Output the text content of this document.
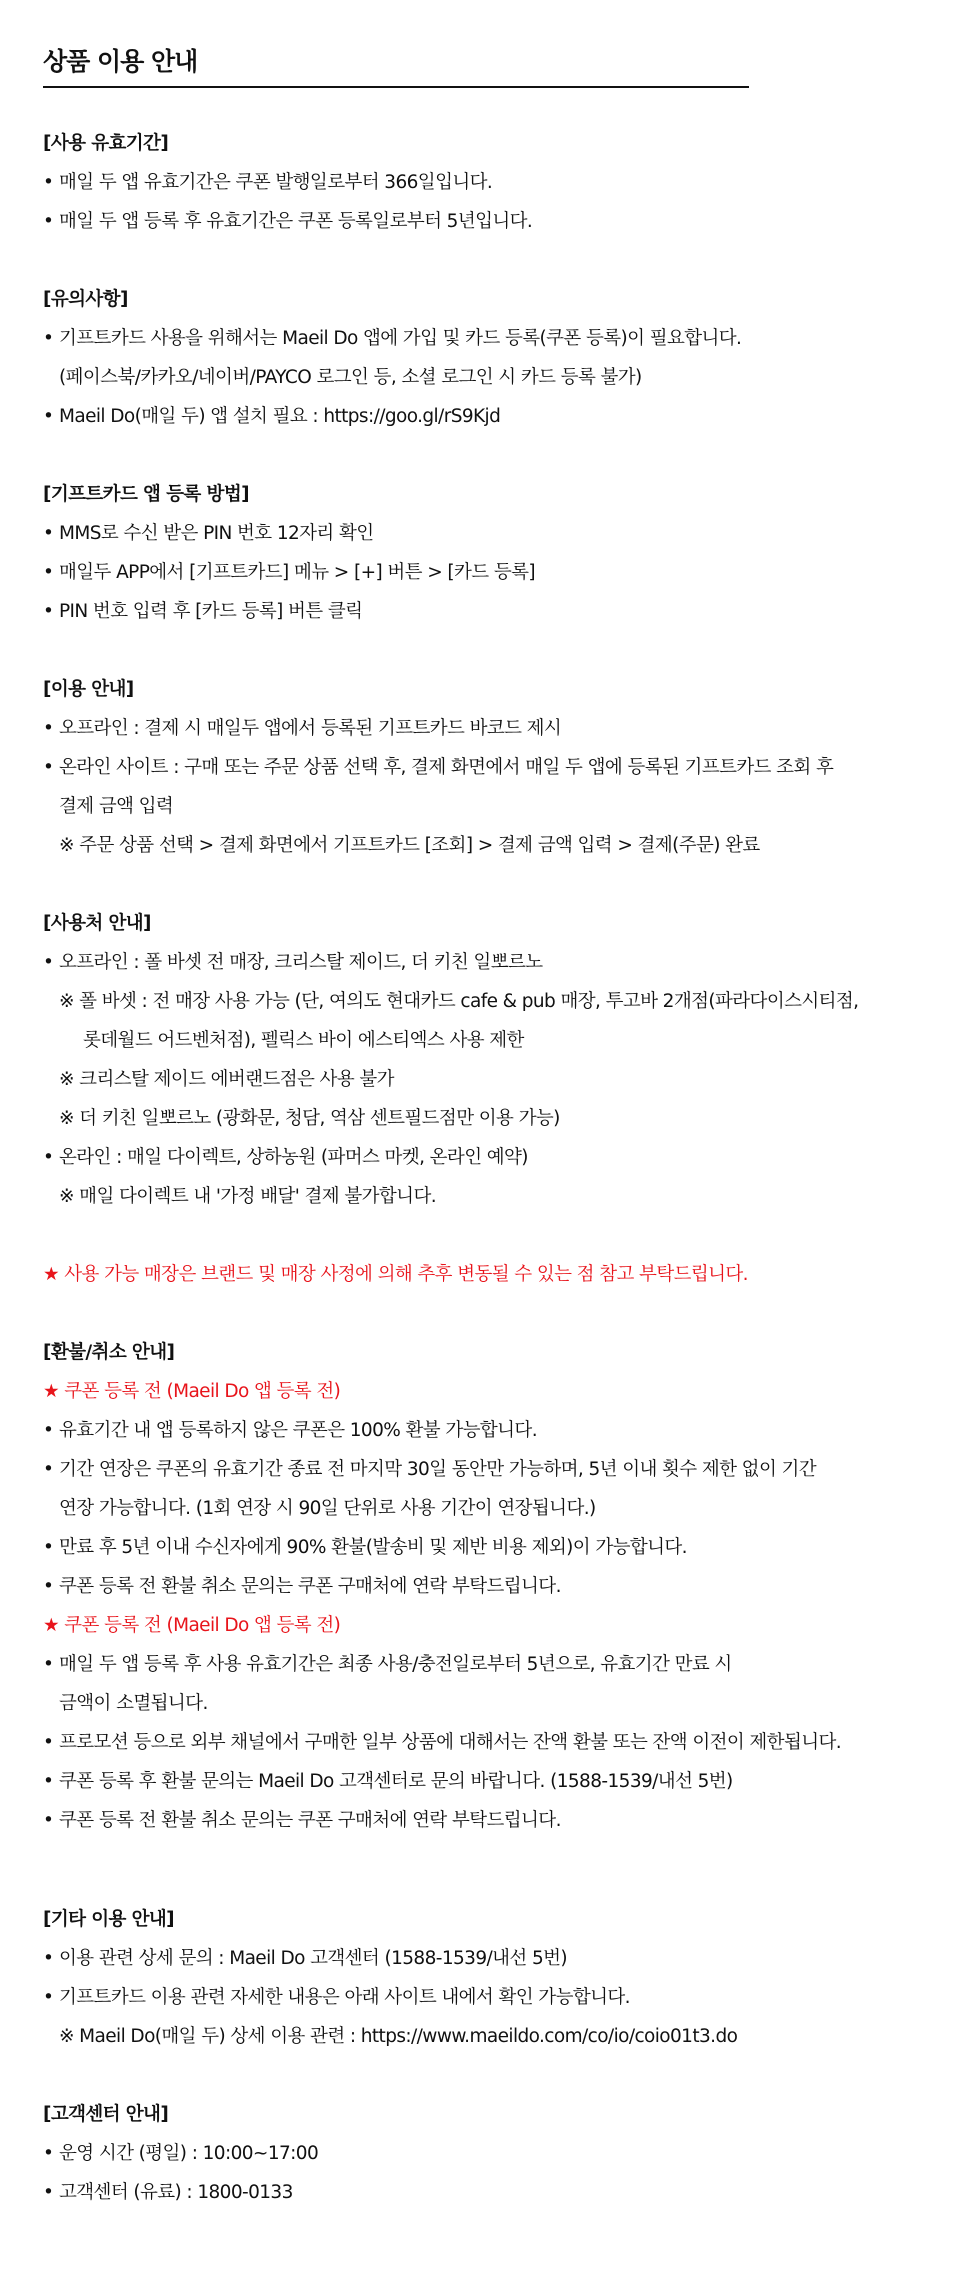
상품 이용 안내
[사용 유효기간]
• 매일 두 앱 유효기간은 쿠폰 발행일로부터 366일입니다.
• 매일 두 앱 등록 후 유효기간은 쿠폰 등록일로부터 5년입니다.
[유의사항]
• 기프트카드 사용을 위해서는 Maeil Do 앱에 가입 및 카드 등록(쿠폰 등록)이 필요합니다.
(페이스북/카카오/네이버/PAYCO 로그인 등, 소셜 로그인 시 카드 등록 불가)
• Maeil Do(매일 두) 앱 설치 필요 : https://goo.gl/rS9Kjd
[기프트카드 앱 등록 방법]
• MMS로 수신 받은 PIN 번호 12자리 확인
• 매일두 APP에서 [기프트카드] 메뉴 > [+] 버튼 > [카드 등록]
• PIN 번호 입력 후 [카드 등록] 버튼 클릭
[이용 안내]
• 오프라인 : 결제 시 매일두 앱에서 등록된 기프트카드 바코드 제시
• 온라인 사이트 : 구매 또는 주문 상품 선택 후, 결제 화면에서 매일 두 앱에 등록된 기프트카드 조회 후
결제 금액 입력
※ 주문 상품 선택 > 결제 화면에서 기프트카드 [조회] > 결제 금액 입력 > 결제(주문) 완료
[사용처 안내]
• 오프라인 : 폴 바셋 전 매장, 크리스탈 제이드, 더 키친 일뽀르노
※ 폴 바셋 : 전 매장 사용 가능 (단, 여의도 현대카드 cafe & pub 매장, 투고바 2개점(파라다이스시티점,
롯데월드 어드벤처점), 펠릭스 바이 에스티엑스 사용 제한
※ 크리스탈 제이드 에버랜드점은 사용 불가
※ 더 키친 일뽀르노 (광화문, 청담, 역삼 센트필드점만 이용 가능)
• 온라인 : 매일 다이렉트, 상하농원 (파머스 마켓, 온라인 예약)
※ 매일 다이렉트 내 '가정 배달' 결제 불가합니다.
★ 사용 가능 매장은 브랜드 및 매장 사정에 의해 추후 변동될 수 있는 점 참고 부탁드립니다.
[환불/취소 안내]
★ 쿠폰 등록 전 (Maeil Do 앱 등록 전)
• 유효기간 내 앱 등록하지 않은 쿠폰은 100% 환불 가능합니다.
• 기간 연장은 쿠폰의 유효기간 종료 전 마지막 30일 동안만 가능하며, 5년 이내 횟수 제한 없이 기간
연장 가능합니다. (1회 연장 시 90일 단위로 사용 기간이 연장됩니다.)
• 만료 후 5년 이내 수신자에게 90% 환불(발송비 및 제반 비용 제외)이 가능합니다.
• 쿠폰 등록 전 환불 취소 문의는 쿠폰 구매처에 연락 부탁드립니다.
★ 쿠폰 등록 전 (Maeil Do 앱 등록 전)
• 매일 두 앱 등록 후 사용 유효기간은 최종 사용/충전일로부터 5년으로, 유효기간 만료 시
금액이 소멸됩니다.
• 프로모션 등으로 외부 채널에서 구매한 일부 상품에 대해서는 잔액 환불 또는 잔액 이전이 제한됩니다.
• 쿠폰 등록 후 환불 문의는 Maeil Do 고객센터로 문의 바랍니다. (1588-1539/내선 5번)
• 쿠폰 등록 전 환불 취소 문의는 쿠폰 구매처에 연락 부탁드립니다.
[기타 이용 안내]
• 이용 관련 상세 문의 : Maeil Do 고객센터 (1588-1539/내선 5번)
• 기프트카드 이용 관련 자세한 내용은 아래 사이트 내에서 확인 가능합니다.
※ Maeil Do(매일 두) 상세 이용 관련 : https://www.maeildo.com/co/io/coio01t3.do
[고객센터 안내]
• 운영 시간 (평일) : 10:00~17:00
• 고객센터 (유료) : 1800-0133
